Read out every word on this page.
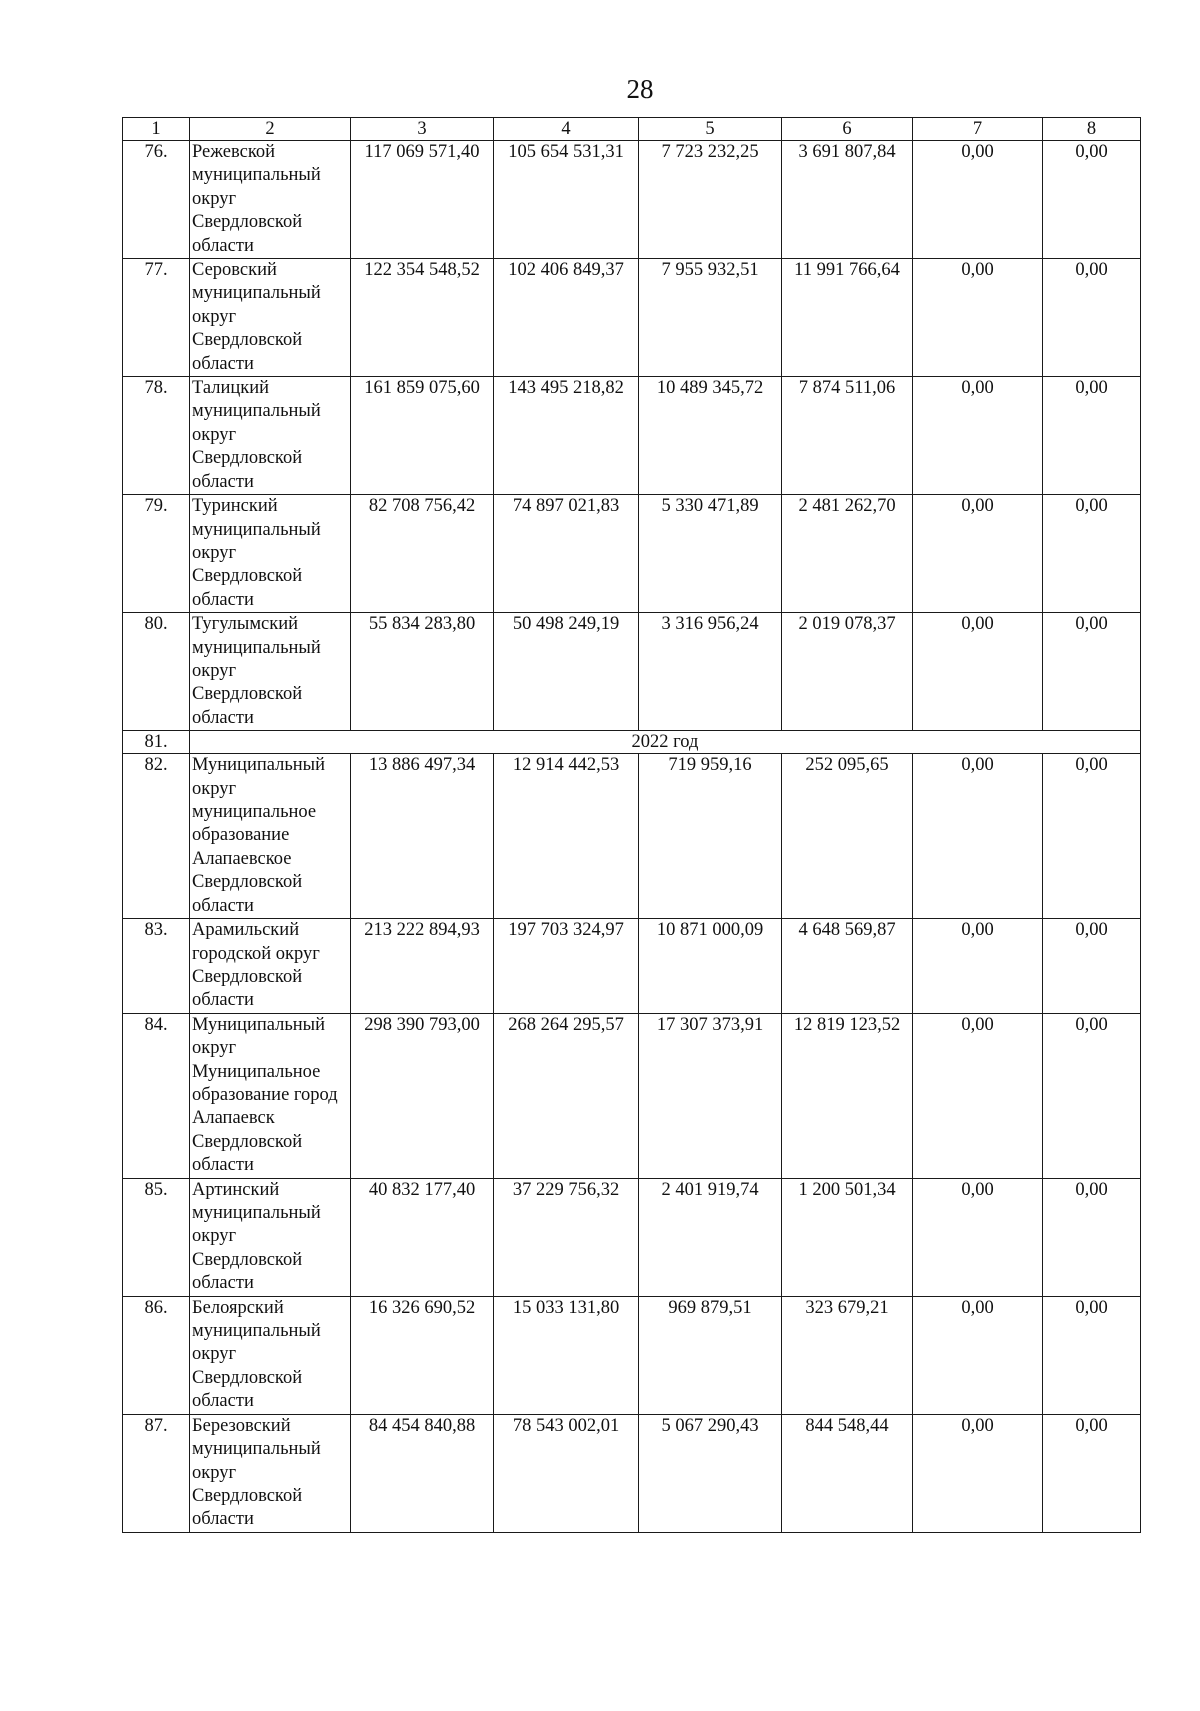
28
1	2	3	4	5	6	7	8
76.	Режевской муниципальный округ Свердловской области	117 069 571,40	105 654 531,31	7 723 232,25	3 691 807,84	0,00	0,00
77.	Серовский муниципальный округ Свердловской области	122 354 548,52	102 406 849,37	7 955 932,51	11 991 766,64	0,00	0,00
78.	Талицкий муниципальный округ Свердловской области	161 859 075,60	143 495 218,82	10 489 345,72	7 874 511,06	0,00	0,00
79.	Туринский муниципальный округ Свердловской области	82 708 756,42	74 897 021,83	5 330 471,89	2 481 262,70	0,00	0,00
80.	Тугулымский муниципальный округ Свердловской области	55 834 283,80	50 498 249,19	3 316 956,24	2 019 078,37	0,00	0,00
81.	2022 год						
82.	Муниципальный округ муниципальное образование Алапаевское Свердловской области	13 886 497,34	12 914 442,53	719 959,16	252 095,65	0,00	0,00
83.	Арамильский городской округ Свердловской области	213 222 894,93	197 703 324,97	10 871 000,09	4 648 569,87	0,00	0,00
84.	Муниципальный округ Муниципальное образование город Алапаевск Свердловской области	298 390 793,00	268 264 295,57	17 307 373,91	12 819 123,52	0,00	0,00
85.	Артинский муниципальный округ Свердловской области	40 832 177,40	37 229 756,32	2 401 919,74	1 200 501,34	0,00	0,00
86.	Белоярский муниципальный округ Свердловской области	16 326 690,52	15 033 131,80	969 879,51	323 679,21	0,00	0,00
87.	Березовский муниципальный округ Свердловской области	84 454 840,88	78 543 002,01	5 067 290,43	844 548,44	0,00	0,00
